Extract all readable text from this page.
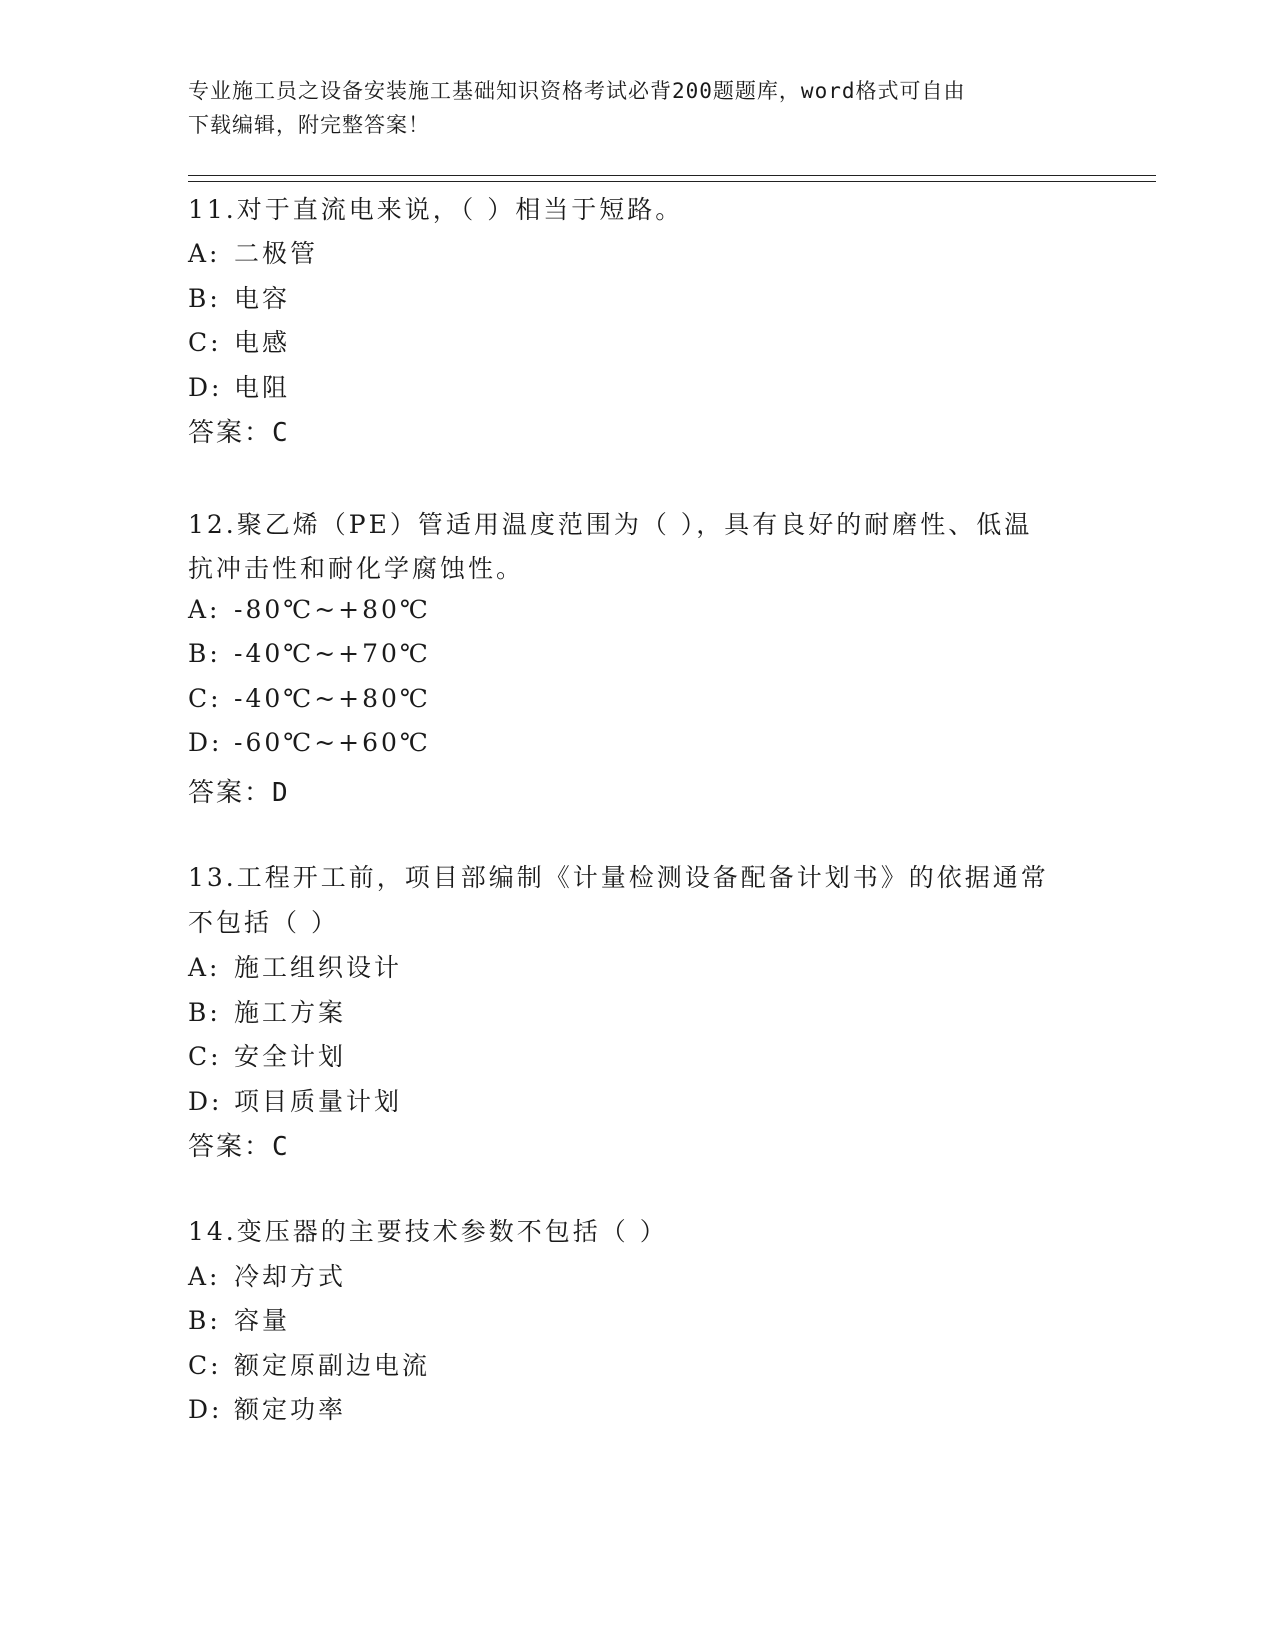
专业施工员之设备安装施工基础知识资格考试必背200题题库，word格式可自由
下载编辑，附完整答案！
11.对于直流电来说，（ ）相当于短路。
A: 二极管
B: 电容
C: 电感
D: 电阻
答案：C
12.聚乙烯（PE）管适用温度范围为（ ），具有良好的耐磨性、低温
抗冲击性和耐化学腐蚀性。
A: -80℃~+80℃
B: -40℃~+70℃
C: -40℃~+80℃
D: -60℃~+60℃
答案：D
13.工程开工前，项目部编制《计量检测设备配备计划书》的依据通常
不包括（ ）
A: 施工组织设计
B: 施工方案
C: 安全计划
D: 项目质量计划
答案：C
14.变压器的主要技术参数不包括（ ）
A: 冷却方式
B: 容量
C: 额定原副边电流
D: 额定功率
